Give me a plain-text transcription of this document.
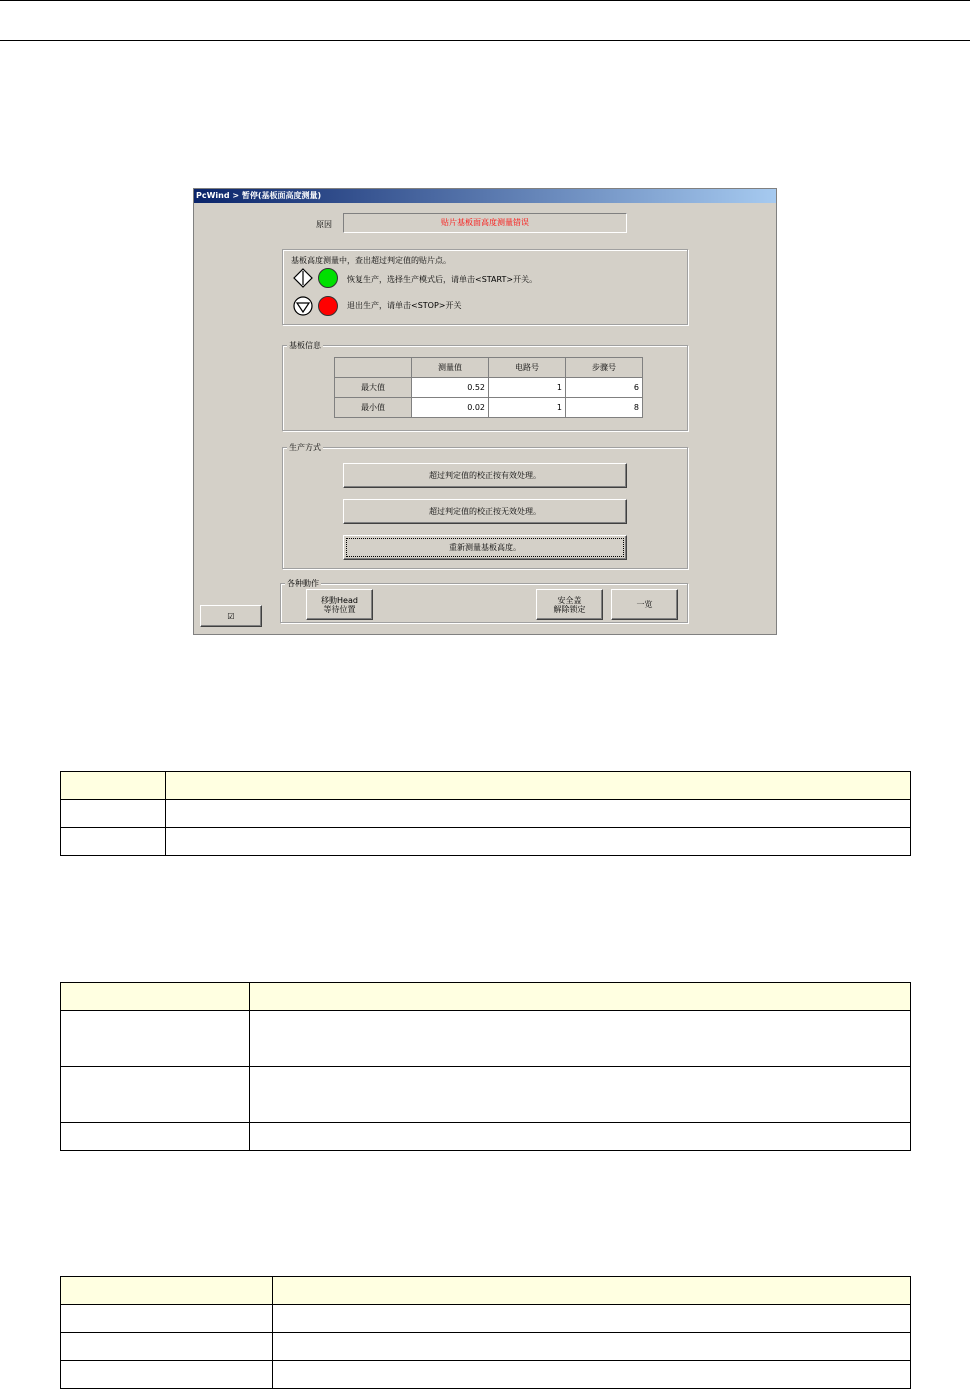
PcWind > 暂停(基板面高度测量)
原因	贴片基板面高度测量错误
基板高度测量中，查出超过判定值的贴片点。
恢复生产，选择生产模式后，请单击<START>开关。
退出生产，请单击<STOP>开关
基板信息
	测量值	电路号	步骤号
最大值	0.52	1	6
最小值	0.02	1	8
生产方式
超过判定值的校正按有效处理。
超过判定值的校正按无效处理。
重新测量基板高度。
各种動作
移動Head
等待位置
安全盖
解除锁定	一览
☑
